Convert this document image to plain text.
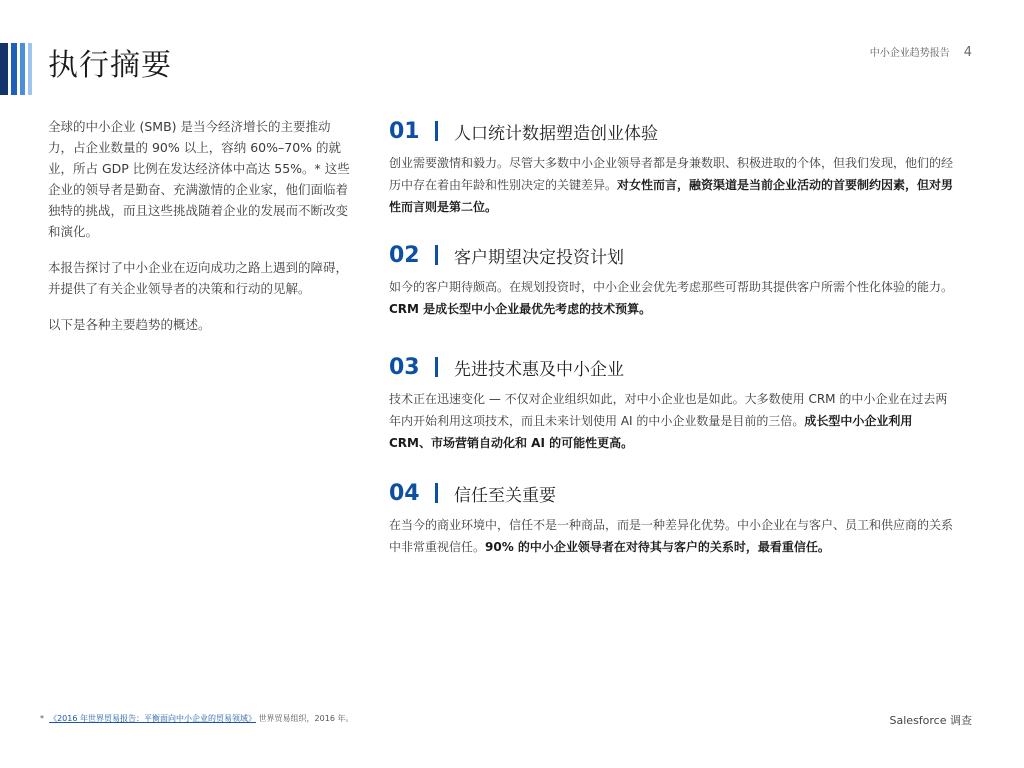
执行摘要	中小企业趋势报告 4

全球的中小企业 (SMB) 是当今经济增长的主要推动力，占企业数量的 90% 以上，容纳 60%–70% 的就业，所占 GDP 比例在发达经济体中高达 55%。* 这些企业的领导者是勤奋、充满激情的企业家，他们面临着独特的挑战，而且这些挑战随着企业的发展而不断改变和演化。

本报告探讨了中小企业在迈向成功之路上遇到的障碍，并提供了有关企业领导者的决策和行动的见解。

以下是各种主要趋势的概述。

01	人口统计数据塑造创业体验

创业需要激情和毅力。尽管大多数中小企业领导者都是身兼数职、积极进取的个体，但我们发现，他们的经历中存在着由年龄和性别决定的关键差异。对女性而言，融资渠道是当前企业活动的首要制约因素，但对男性而言则是第二位。

02	客户期望决定投资计划

如今的客户期待颇高。在规划投资时，中小企业会优先考虑那些可帮助其提供客户所需个性化体验的能力。CRM 是成长型中小企业最优先考虑的技术预算。

03	先进技术惠及中小企业

技术正在迅速变化 — 不仅对企业组织如此，对中小企业也是如此。大多数使用 CRM 的中小企业在过去两年内开始利用这项技术，而且未来计划使用 AI 的中小企业数量是目前的三倍。成长型中小企业利用 CRM、市场营销自动化和 AI 的可能性更高。

04	信任至关重要

在当今的商业环境中，信任不是一种商品，而是一种差异化优势。中小企业在与客户、员工和供应商的关系中非常重视信任。90% 的中小企业领导者在对待其与客户的关系时，最看重信任。

* 《2016 年世界贸易报告：平衡面向中小企业的贸易领域》 世界贸易组织，2016 年。	Salesforce 调查
